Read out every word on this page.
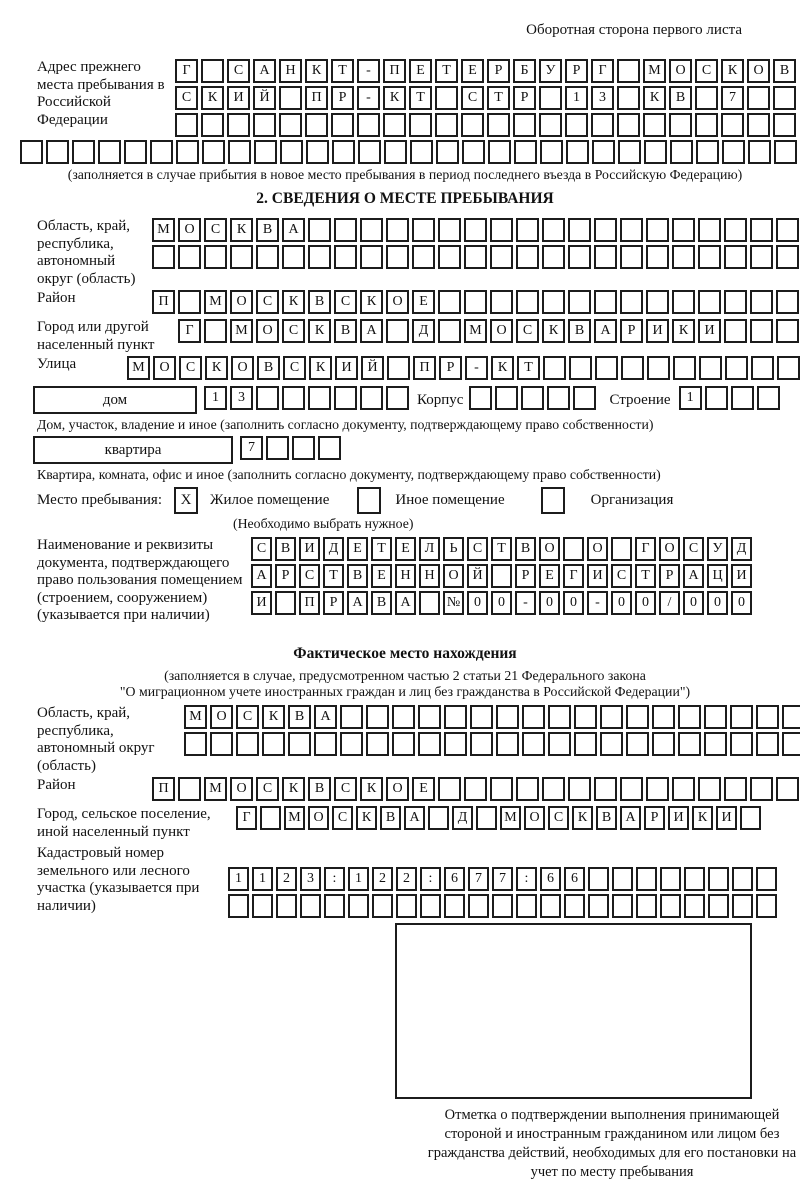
Оборотная сторона первого листа
Адрес прежнего места пребывания в Российской Федерации
Г	С	А	Н	К	Т	-	П	Е	Т	Е	Р	Б	У	Р	Г	М	О	С	К	О	В
С	К	И	Й	П	Р	-	К	Т	С	Т	Р	1	3	К	В	7
(заполняется в случае прибытия в новое место пребывания в период последнего въезда в Российскую Федерацию)
2. СВЕДЕНИЯ О МЕСТЕ ПРЕБЫВАНИЯ
Область, край, республика, автономный округ (область)
М	О	С	К	В	А
Район	П	М	О	С	К	В	С	К	О	Е
Город или другой населенный пункт
Г	М	О	С	К	В	А	Д	М	О	С	К	В	А	Р	И	К	И
Улица	М	О	С	К	О	В	С	К	И	Й	П	Р	-	К	Т
дом	1	3	Корпус	Строение	1
Дом, участок, владение и иное (заполнить согласно документу, подтверждающему право собственности)
квартира	7
Квартира, комната, офис и иное (заполнить согласно документу, подтверждающему право собственности)
Место пребывания:	X	Жилое помещение	Иное помещение	Организация
(Необходимо выбрать нужное)
Наименование и реквизиты документа, подтверждающего право пользования помещением (строением, сооружением) (указывается при наличии)
С	В	И	Д	Е	Т	Е	Л	Ь	С	Т	В	О	О	Г	О	С	У	Д
А	Р	С	Т	В	Е	Н Н О Й	Р	Е	Г	И	С	Т	Р	А Ц И
И	П	Р	А	В	А	№ 0	0	-	0	0	-	0	0	/	0	0	0
Фактическое место нахождения
(заполняется в случае, предусмотренном частью 2 статьи 21 Федерального закона
"О миграционном учете иностранных граждан и лиц без гражданства в Российской Федерации")
Область, край, республика, автономный округ (область)
М	О	С	К	В	А
Район	П	М	О	С	К	В	С	К	О	Е
Город, сельское поселение, иной населенный пункт
Г	М О	С	К	В	А	Д	М О	С	К	В	А	Р	И	К	И
Кадастровый номер земельного или лесного участка (указывается при наличии)
1	1	2	3	:	1	2	2	:	6	7	7	:	6	6
Отметка о подтверждении выполнения принимающей стороной и иностранным гражданином или лицом без гражданства действий, необходимых для его постановки на учет по месту пребывания
